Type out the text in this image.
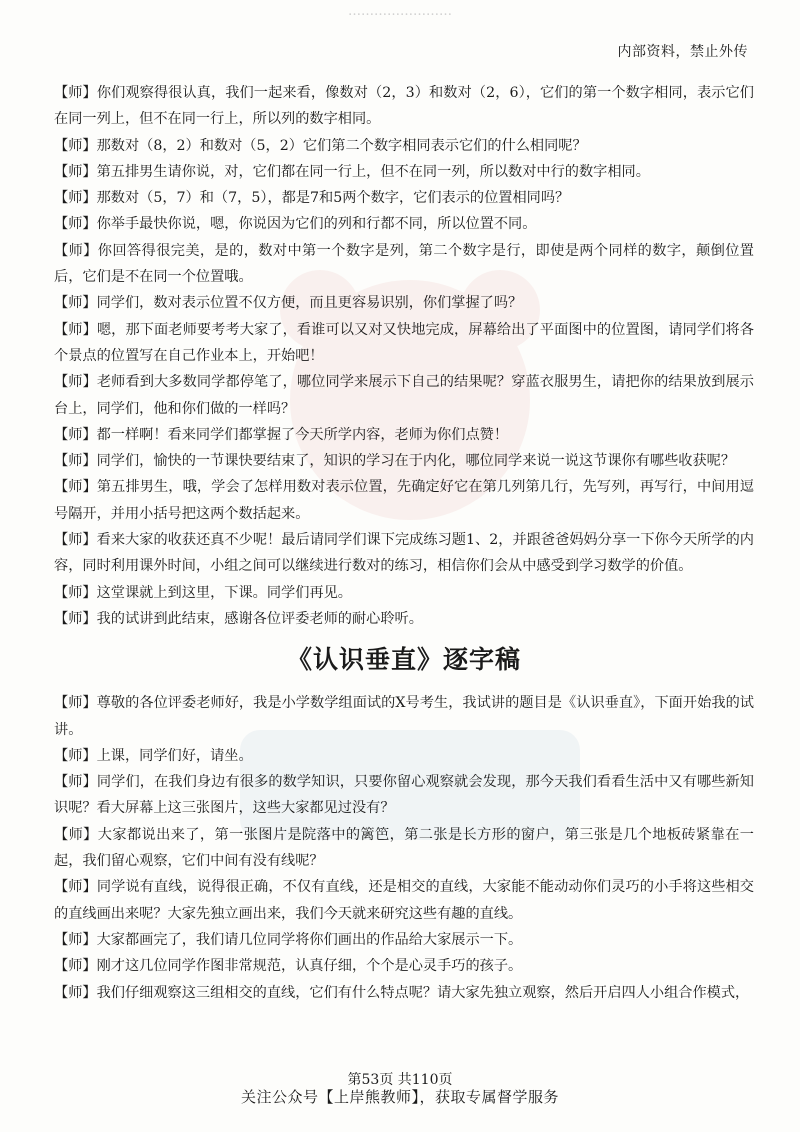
……………………
内部资料，禁止外传

【师】你们观察得很认真，我们一起来看，像数对（2，3）和数对（2，6），它们的第一个数字相同，表示它们在同一列上，但不在同一行上，所以列的数字相同。

【师】那数对（8，2）和数对（5，2）它们第二个数字相同表示它们的什么相同呢？

【师】第五排男生请你说，对，它们都在同一行上，但不在同一列，所以数对中行的数字相同。

【师】那数对（5，7）和（7，5），都是7和5两个数字，它们表示的位置相同吗？

【师】你举手最快你说，嗯，你说因为它们的列和行都不同，所以位置不同。

【师】你回答得很完美，是的，数对中第一个数字是列，第二个数字是行，即使是两个同样的数字，颠倒位置后，它们是不在同一个位置哦。

【师】同学们，数对表示位置不仅方便，而且更容易识别，你们掌握了吗？

【师】嗯，那下面老师要考考大家了，看谁可以又对又快地完成，屏幕给出了平面图中的位置图，请同学们将各个景点的位置写在自己作业本上，开始吧！

【师】老师看到大多数同学都停笔了，哪位同学来展示下自己的结果呢？穿蓝衣服男生，请把你的结果放到展示台上，同学们，他和你们做的一样吗？

【师】都一样啊！看来同学们都掌握了今天所学内容，老师为你们点赞！

【师】同学们，愉快的一节课快要结束了，知识的学习在于内化，哪位同学来说一说这节课你有哪些收获呢？

【师】第五排男生，哦，学会了怎样用数对表示位置，先确定好它在第几列第几行，先写列，再写行，中间用逗号隔开，并用小括号把这两个数括起来。

【师】看来大家的收获还真不少呢！最后请同学们课下完成练习题1、2，并跟爸爸妈妈分享一下你今天所学的内容，同时利用课外时间，小组之间可以继续进行数对的练习，相信你们会从中感受到学习数学的价值。

【师】这堂课就上到这里，下课。同学们再见。

【师】我的试讲到此结束，感谢各位评委老师的耐心聆听。

《认识垂直》逐字稿

【师】尊敬的各位评委老师好，我是小学数学组面试的X号考生，我试讲的题目是《认识垂直》，下面开始我的试讲。

【师】上课，同学们好，请坐。

【师】同学们，在我们身边有很多的数学知识，只要你留心观察就会发现，那今天我们看看生活中又有哪些新知识呢？看大屏幕上这三张图片，这些大家都见过没有？

【师】大家都说出来了，第一张图片是院落中的篱笆，第二张是长方形的窗户，第三张是几个地板砖紧靠在一起，我们留心观察，它们中间有没有线呢？

【师】同学说有直线，说得很正确，不仅有直线，还是相交的直线，大家能不能动动你们灵巧的小手将这些相交的直线画出来呢？大家先独立画出来，我们今天就来研究这些有趣的直线。

【师】大家都画完了，我们请几位同学将你们画出的作品给大家展示一下。

【师】刚才这几位同学作图非常规范，认真仔细，个个是心灵手巧的孩子。

【师】我们仔细观察这三组相交的直线，它们有什么特点呢？请大家先独立观察，然后开启四人小组合作模式，

第53页 共110页
关注公众号【上岸熊教师】，获取专属督学服务
